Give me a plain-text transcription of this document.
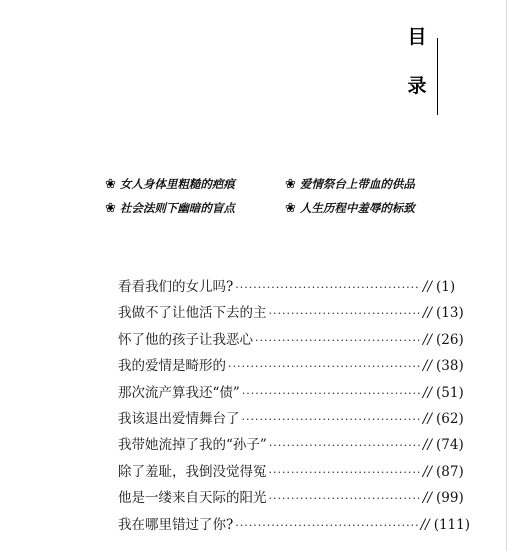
目
录
❀ 女人身体里粗糙的疤痕	❀ 爱情祭台上带血的供品
❀ 社会法则下幽暗的盲点	❀ 人生历程中羞辱的标致
看看我们的女儿吗? ·····	// (1)
我做不了让他活下去的主 ·····	// (13)
怀了他的孩子让我恶心 ·····	// (26)
我的爱情是畸形的 ·····	// (38)
那次流产算我还“债” ·····	// (51)
我该退出爱情舞台了 ·····	// (62)
我带她流掉了我的“孙子” ·····	// (74)
除了羞耻，我倒没觉得冤 ·····	// (87)
他是一缕来自天际的阳光 ·····	// (99)
我在哪里错过了你? ·····	// (111)
